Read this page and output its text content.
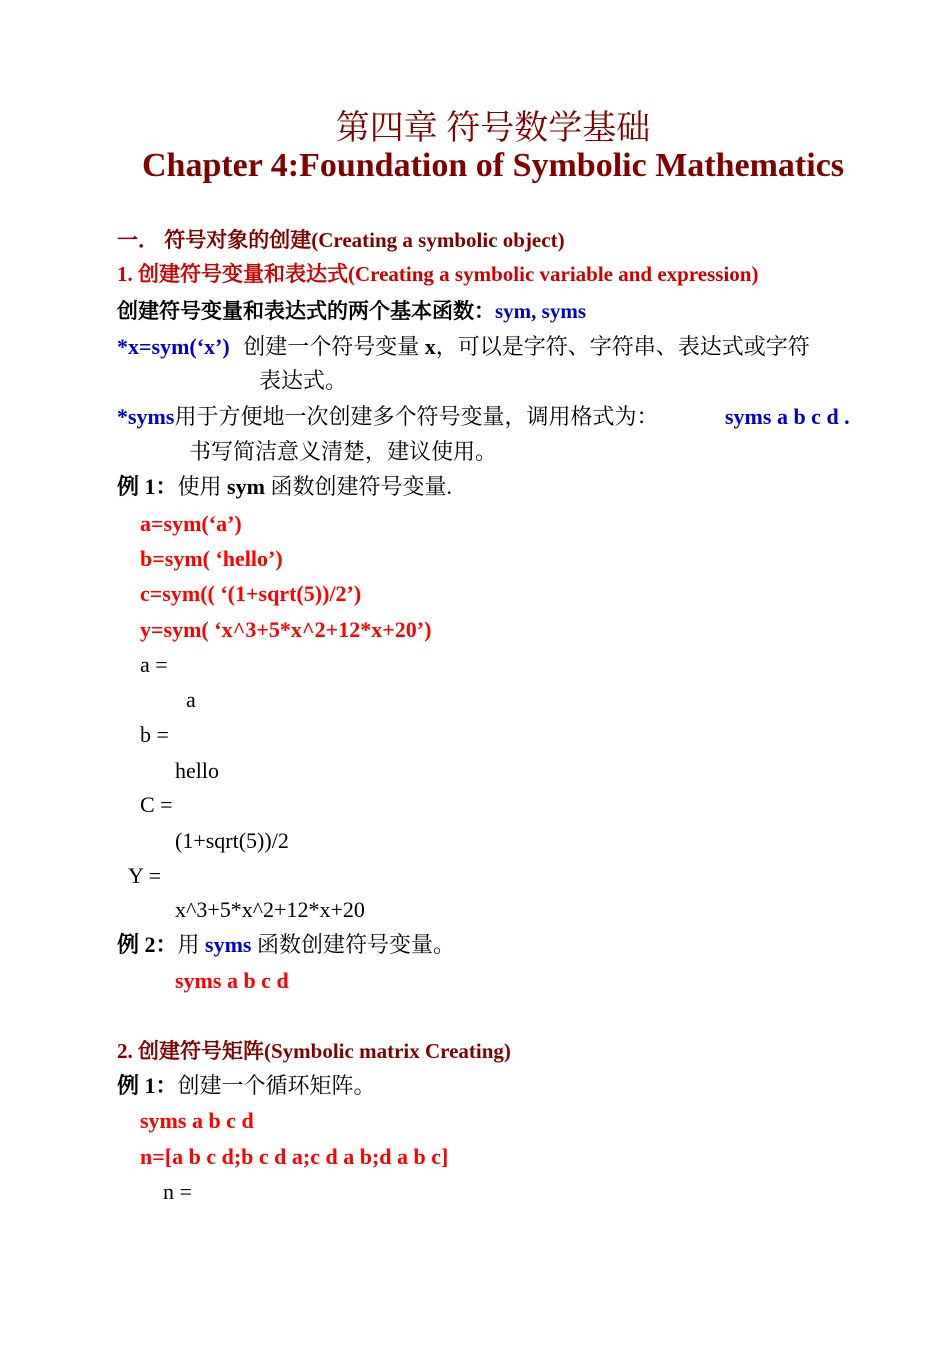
第四章 符号数学基础
Chapter 4:Foundation of Symbolic Mathematics
一． 符号对象的创建(Creating a symbolic object)
1. 创建符号变量和表达式(Creating a symbolic variable and expression)
创建符号变量和表达式的两个基本函数：sym, syms
*x=sym(‘x’) 创建一个符号变量 x，可以是字符、字符串、表达式或字符
表达式。
*syms用于方便地一次创建多个符号变量，调用格式为：	syms a b c d .
书写简洁意义清楚，建议使用。
例 1：使用 sym 函数创建符号变量.
a=sym(‘a’)
b=sym( ‘hello’)
c=sym(( ‘(1+sqrt(5))/2’)
y=sym( ‘x^3+5*x^2+12*x+20’)
a =
a
b =
hello
C =
(1+sqrt(5))/2
Y =
x^3+5*x^2+12*x+20
例 2：用 syms 函数创建符号变量。
syms a b c d
2. 创建符号矩阵(Symbolic matrix Creating)
例 1：创建一个循环矩阵。
syms a b c d
n=[a b c d;b c d a;c d a b;d a b c]
n =
